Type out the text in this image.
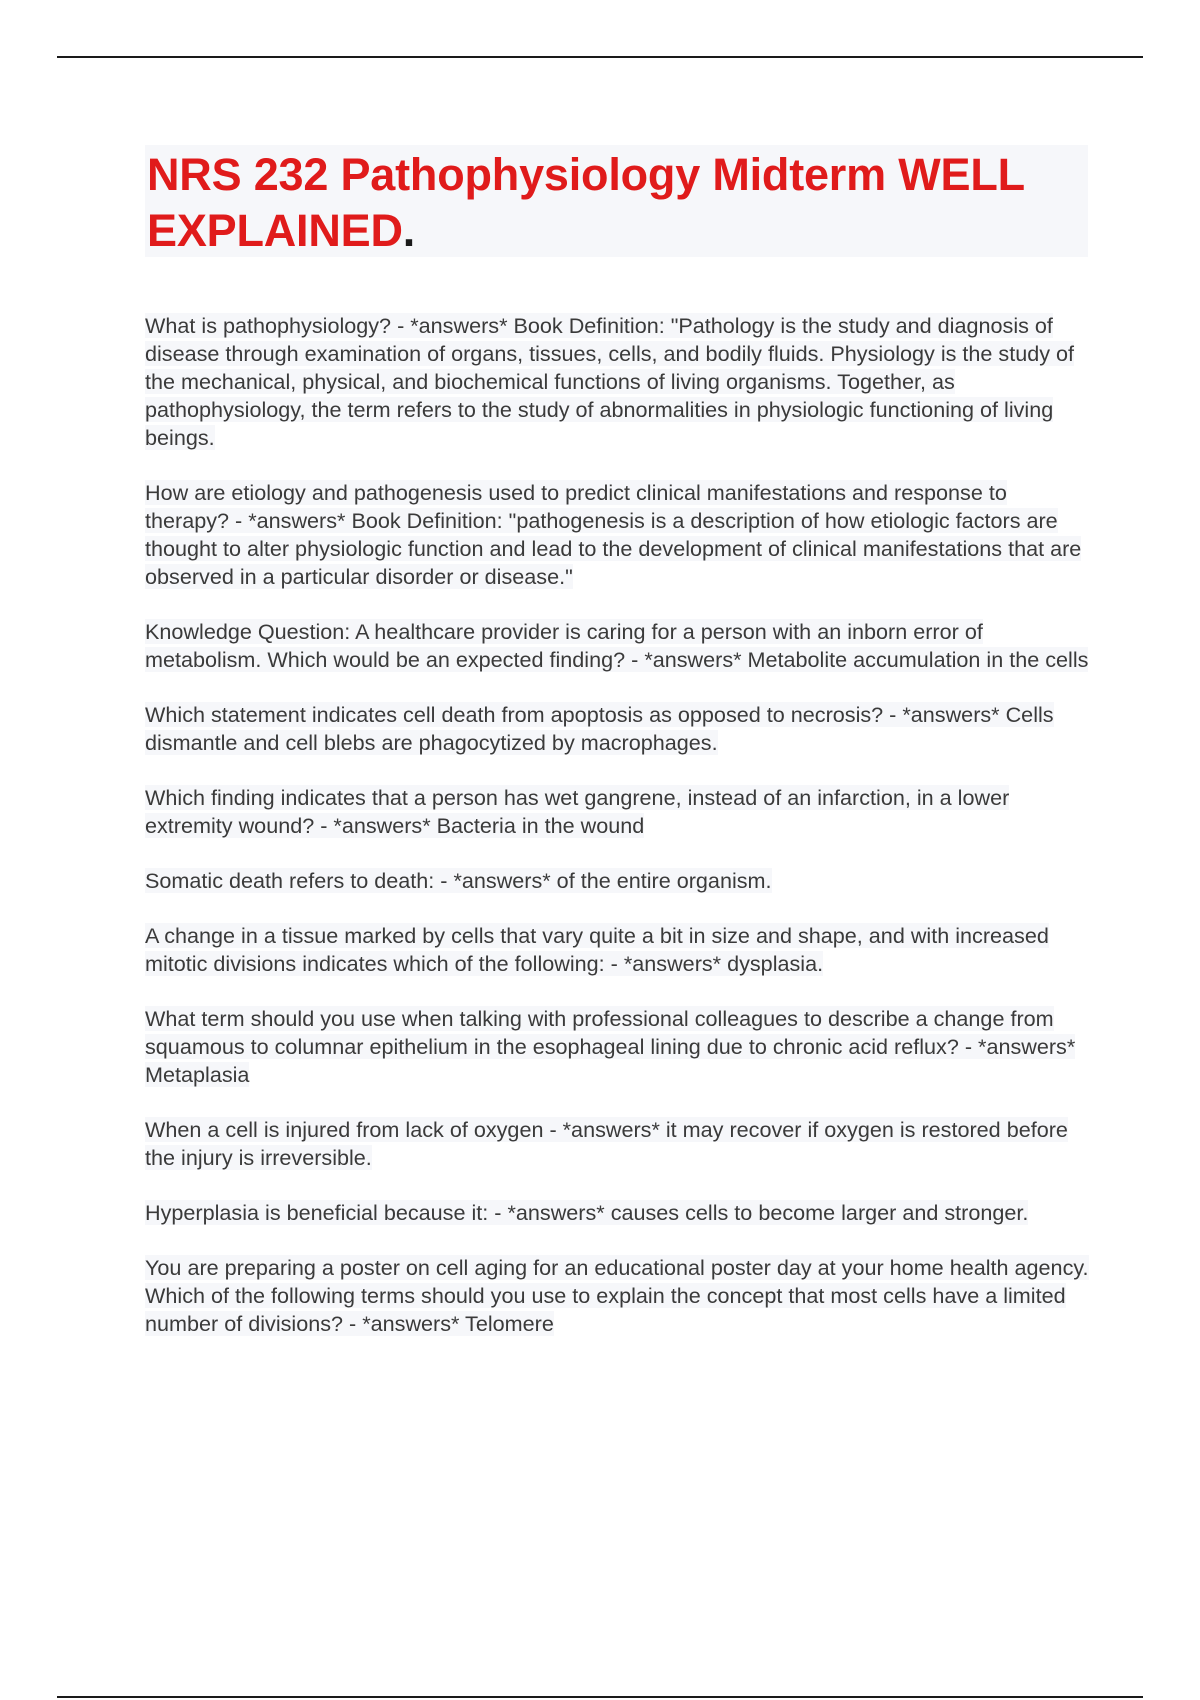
NRS 232 Pathophysiology Midterm WELL EXPLAINED.

What is pathophysiology? - *answers* Book Definition: "Pathology is the study and diagnosis of disease through examination of organs, tissues, cells, and bodily fluids. Physiology is the study of the mechanical, physical, and biochemical functions of living organisms. Together, as pathophysiology, the term refers to the study of abnormalities in physiologic functioning of living beings.

How are etiology and pathogenesis used to predict clinical manifestations and response to therapy? - *answers* Book Definition: "pathogenesis is a description of how etiologic factors are thought to alter physiologic function and lead to the development of clinical manifestations that are observed in a particular disorder or disease."

Knowledge Question: A healthcare provider is caring for a person with an inborn error of metabolism. Which would be an expected finding? - *answers* Metabolite accumulation in the cells

Which statement indicates cell death from apoptosis as opposed to necrosis? - *answers* Cells dismantle and cell blebs are phagocytized by macrophages.

Which finding indicates that a person has wet gangrene, instead of an infarction, in a lower extremity wound? - *answers* Bacteria in the wound

Somatic death refers to death: - *answers* of the entire organism.

A change in a tissue marked by cells that vary quite a bit in size and shape, and with increased mitotic divisions indicates which of the following: - *answers* dysplasia.

What term should you use when talking with professional colleagues to describe a change from squamous to columnar epithelium in the esophageal lining due to chronic acid reflux? - *answers* Metaplasia

When a cell is injured from lack of oxygen - *answers* it may recover if oxygen is restored before the injury is irreversible.

Hyperplasia is beneficial because it: - *answers* causes cells to become larger and stronger.

You are preparing a poster on cell aging for an educational poster day at your home health agency. Which of the following terms should you use to explain the concept that most cells have a limited number of divisions? - *answers* Telomere
